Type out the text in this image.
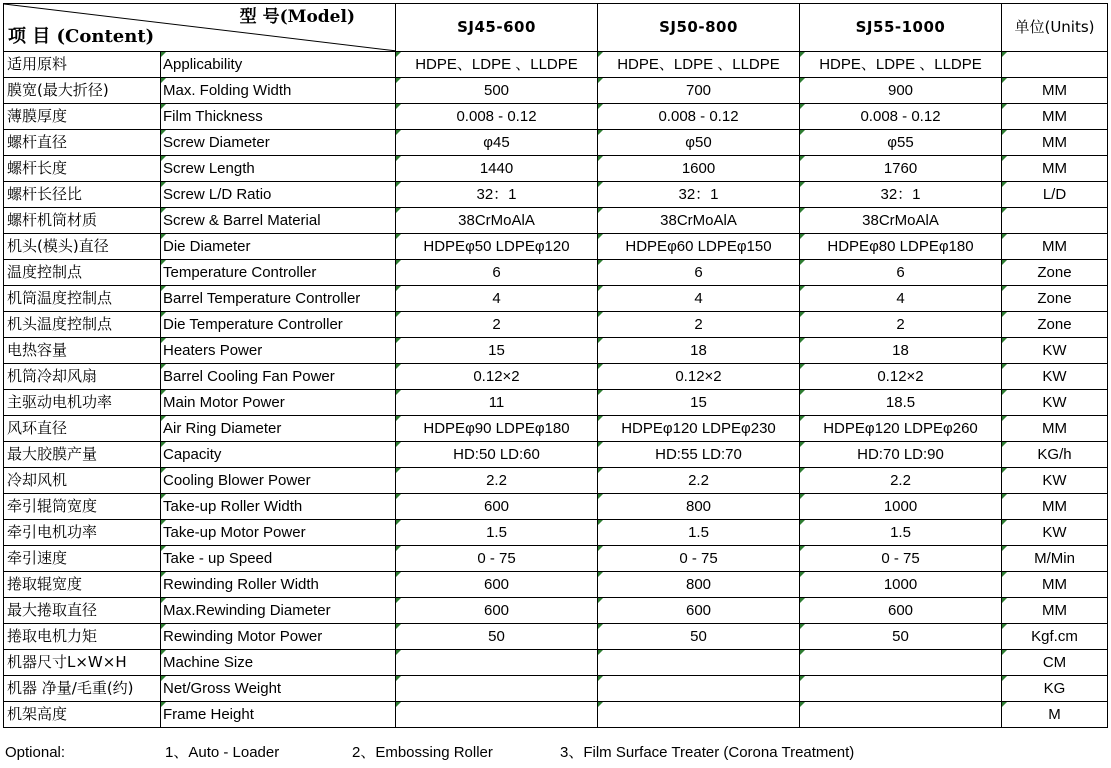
项 目 (Content)
型 号(Model)		SJ45-600	SJ50-800	SJ55-1000	单位(Units)
适用原料	Applicability	HDPE、LDPE 、LLDPE	HDPE、LDPE 、LLDPE	HDPE、LDPE 、LLDPE	

膜宽(最大折径)	Max. Folding Width	500	700	900	MM
薄膜厚度	Film Thickness	0.008 - 0.12	0.008 - 0.12	0.008 - 0.12	MM
螺杆直径	Screw Diameter	φ45	φ50	φ55	MM
螺杆长度	Screw Length	1440	1600	1760	MM
螺杆长径比	Screw L/D Ratio	32：1	32：1	32：1	L/D
螺杆机筒材质	Screw & Barrel Material	38CrMoAlA	38CrMoAlA	38CrMoAlA	

机头(模头)直径	Die Diameter	HDPEφ50 LDPEφ120	HDPEφ60 LDPEφ150	HDPEφ80 LDPEφ180	MM
温度控制点	Temperature Controller	6	6	6	Zone
机筒温度控制点	Barrel Temperature Controller	4	4	4	Zone
机头温度控制点	Die Temperature Controller	2	2	2	Zone
电热容量	Heaters Power	15	18	18	KW
机筒冷却风扇	Barrel Cooling Fan Power	0.12×2	0.12×2	0.12×2	KW
主驱动电机功率	Main Motor Power	11	15	18.5	KW
风环直径	Air Ring Diameter	HDPEφ90 LDPEφ180	HDPEφ120 LDPEφ230	HDPEφ120 LDPEφ260	MM
最大胶膜产量	Capacity	HD:50 LD:60	HD:55 LD:70	HD:70 LD:90	KG/h
冷却风机	Cooling Blower Power	2.2	2.2	2.2	KW
牵引辊筒宽度	Take-up Roller Width	600	800	1000	MM
牵引电机功率	Take-up Motor Power	1.5	1.5	1.5	KW
牵引速度	Take - up Speed	0 - 75	0 - 75	0 - 75	M/Min
捲取辊宽度	Rewinding Roller Width	600	800	1000	MM
最大捲取直径	Max.Rewinding Diameter	600	600	600	MM
捲取电机力矩	Rewinding Motor Power	50	50	50	Kgf.cm
机器尺寸L×W×H	Machine Size				CM
机器 净量/毛重(约)	Net/Gross Weight				KG
机架高度	Frame Height				M
Optional:	1、Auto - Loader	2、Embossing Roller	3、Film Surface Treater (Corona Treatment)
